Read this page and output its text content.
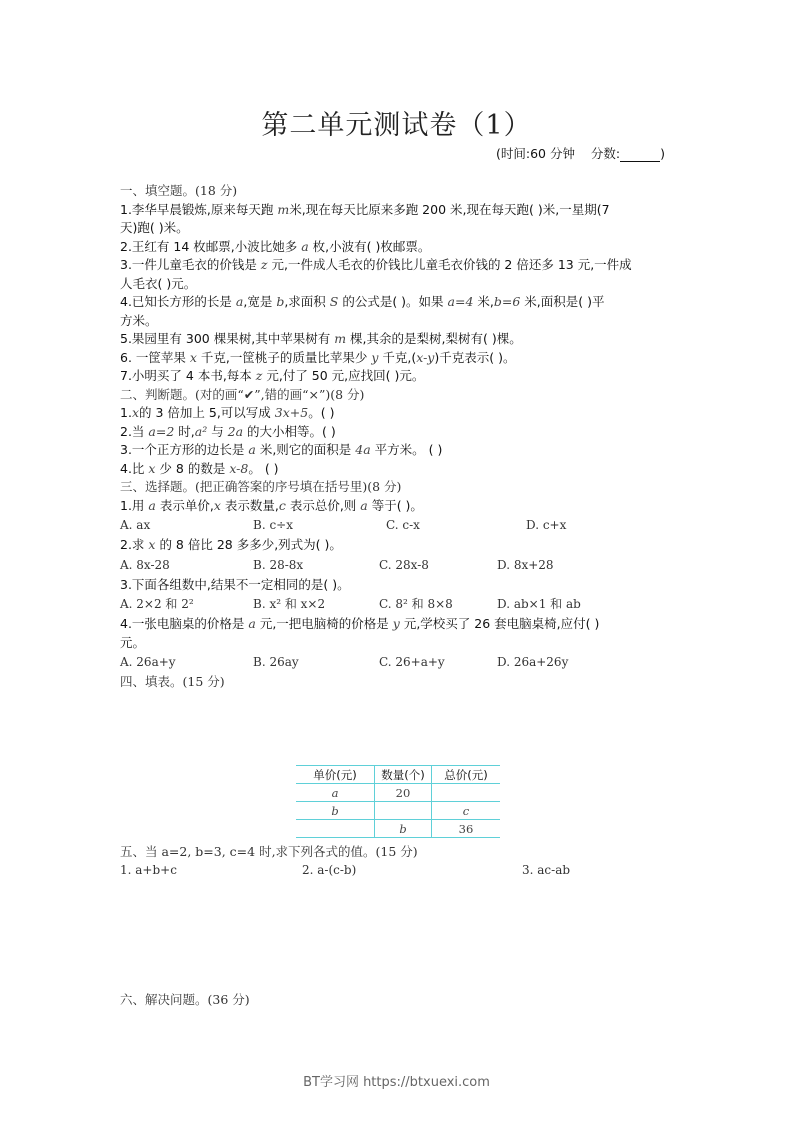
第二单元测试卷（1）
(时间:60 分钟 分数:	)
一、填空题。(18 分)
1.李华早晨锻炼,原来每天跑 m米,现在每天比原来多跑 200 米,现在每天跑( )米,一星期(7
天)跑( )米。
2.王红有 14 枚邮票,小波比她多 a 枚,小波有( )枚邮票。
3.一件儿童毛衣的价钱是 z 元,一件成人毛衣的价钱比儿童毛衣价钱的 2 倍还多 13 元,一件成
人毛衣( )元。
4.已知长方形的长是 a,宽是 b,求面积 S 的公式是( )。如果 a=4 米,b=6 米,面积是( )平
方米。
5.果园里有 300 棵果树,其中苹果树有 m 棵,其余的是梨树,梨树有( )棵。
6. 一筐苹果 x 千克,一筐桃子的质量比苹果少 y 千克,(x-y)千克表示( )。
7.小明买了 4 本书,每本 z 元,付了 50 元,应找回( )元。
二、判断题。(对的画“✔”,错的画“×”)(8 分)
1.x的 3 倍加上 5,可以写成 3x+5。( )
2.当 a=2 时,a² 与 2a 的大小相等。( )
3.一个正方形的边长是 a 米,则它的面积是 4a 平方米。 ( )
4.比 x 少 8 的数是 x-8。 ( )
三、选择题。(把正确答案的序号填在括号里)(8 分)
1.用 a 表示单价,x 表示数量,c 表示总价,则 a 等于( )。
A. ax	B. c÷x	C. c-x	D. c+x
2.求 x 的 8 倍比 28 多多少,列式为( )。
A. 8x-28	B. 28-8x	C. 28x-8	D. 8x+28
3.下面各组数中,结果不一定相同的是( )。
A. 2×2 和 2²	B. x² 和 x×2	C. 8² 和 8×8	D. ab×1 和 ab
4.一张电脑桌的价格是 a 元,一把电脑椅的价格是 y 元,学校买了 26 套电脑桌椅,应付( )
元。
A. 26a+y	B. 26ay	C. 26+a+y	D. 26a+26y
四、填表。(15 分)
单价(元)	数量(个)	总价(元)
a	20	
b		c
	b	36
五、当 a=2, b=3, c=4 时,求下列各式的值。(15 分)
1. a+b+c	2. a-(c-b)	3. ac-ab
六、解决问题。(36 分)
BT学习网 https://btxuexi.com
